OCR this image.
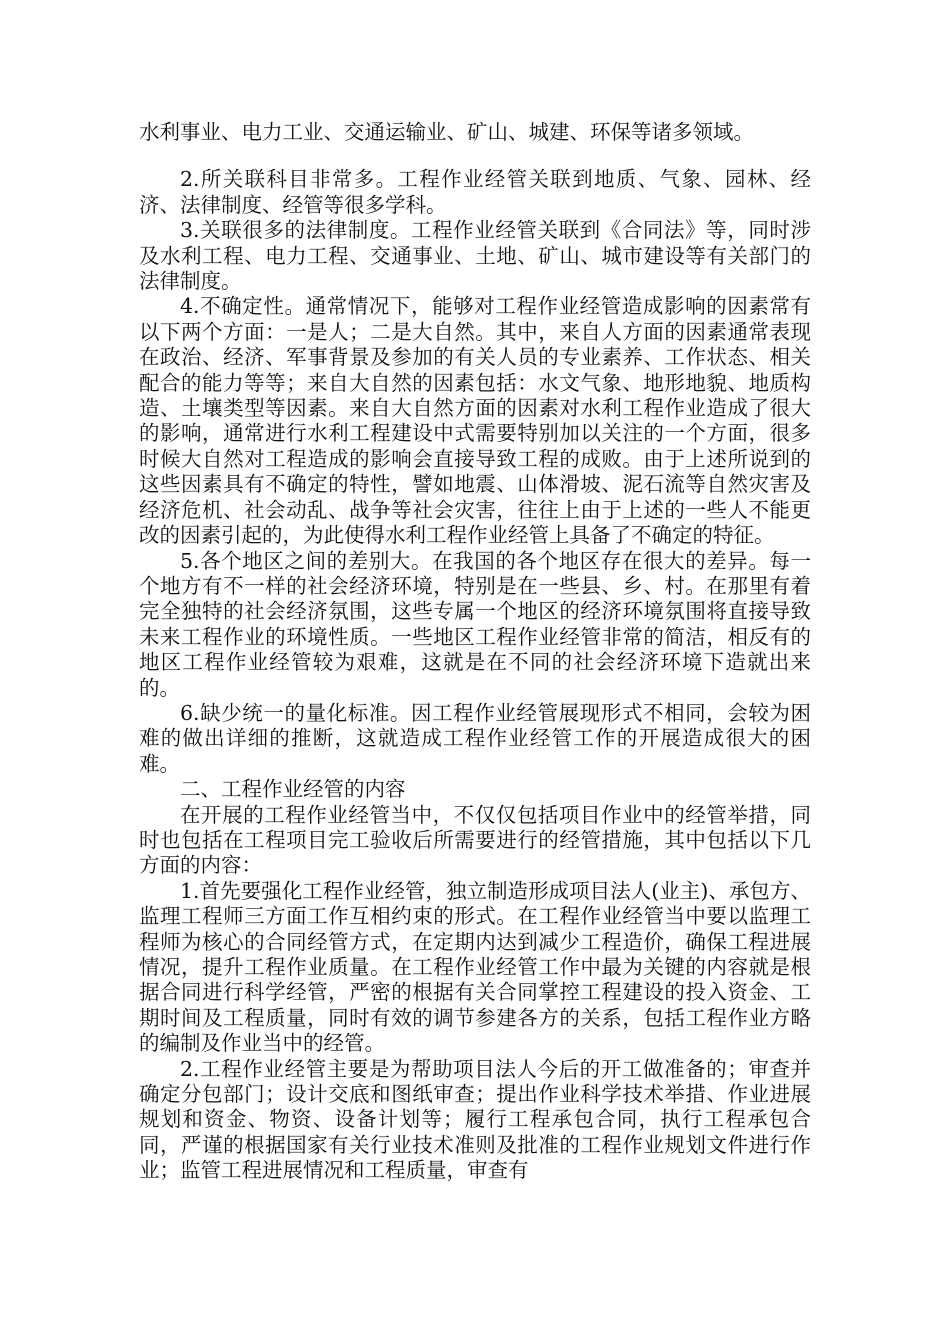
水利事业、电力工业、交通运输业、矿山、城建、环保等诸多领域。

2.所关联科目非常多。工程作业经管关联到地质、气象、园林、经济、法律制度、经管等很多学科。

3.关联很多的法律制度。工程作业经管关联到《合同法》等，同时涉及水利工程、电力工程、交通事业、土地、矿山、城市建设等有关部门的法律制度。

4.不确定性。通常情况下，能够对工程作业经管造成影响的因素常有以下两个方面：一是人；二是大自然。其中，来自人方面的因素通常表现在政治、经济、军事背景及参加的有关人员的专业素养、工作状态、相关配合的能力等等；来自大自然的因素包括：水文气象、地形地貌、地质构造、土壤类型等因素。来自大自然方面的因素对水利工程作业造成了很大的影响，通常进行水利工程建设中式需要特别加以关注的一个方面，很多时候大自然对工程造成的影响会直接导致工程的成败。由于上述所说到的这些因素具有不确定的特性，譬如地震、山体滑坡、泥石流等自然灾害及经济危机、社会动乱、战争等社会灾害，往往上由于上述的一些人不能更改的因素引起的，为此使得水利工程作业经管上具备了不确定的特征。

5.各个地区之间的差别大。在我国的各个地区存在很大的差异。每一个地方有不一样的社会经济环境，特别是在一些县、乡、村。在那里有着完全独特的社会经济氛围，这些专属一个地区的经济环境氛围将直接导致未来工程作业的环境性质。一些地区工程作业经管非常的简洁，相反有的地区工程作业经管较为艰难，这就是在不同的社会经济环境下造就出来的。

6.缺少统一的量化标准。因工程作业经管展现形式不相同，会较为困难的做出详细的推断，这就造成工程作业经管工作的开展造成很大的困难。

二、工程作业经管的内容

在开展的工程作业经管当中，不仅仅包括项目作业中的经管举措，同时也包括在工程项目完工验收后所需要进行的经管措施，其中包括以下几方面的内容：

1.首先要强化工程作业经管，独立制造形成项目法人(业主)、承包方、监理工程师三方面工作互相约束的形式。在工程作业经管当中要以监理工程师为核心的合同经管方式，在定期内达到减少工程造价，确保工程进展情况，提升工程作业质量。在工程作业经管工作中最为关键的内容就是根据合同进行科学经管，严密的根据有关合同掌控工程建设的投入资金、工期时间及工程质量，同时有效的调节参建各方的关系，包括工程作业方略的编制及作业当中的经管。

2.工程作业经管主要是为帮助项目法人今后的开工做准备的；审查并确定分包部门；设计交底和图纸审查；提出作业科学技术举措、作业进展规划和资金、物资、设备计划等；履行工程承包合同，执行工程承包合同，严谨的根据国家有关行业技术准则及批准的工程作业规划文件进行作业；监管工程进展情况和工程质量，审查有
